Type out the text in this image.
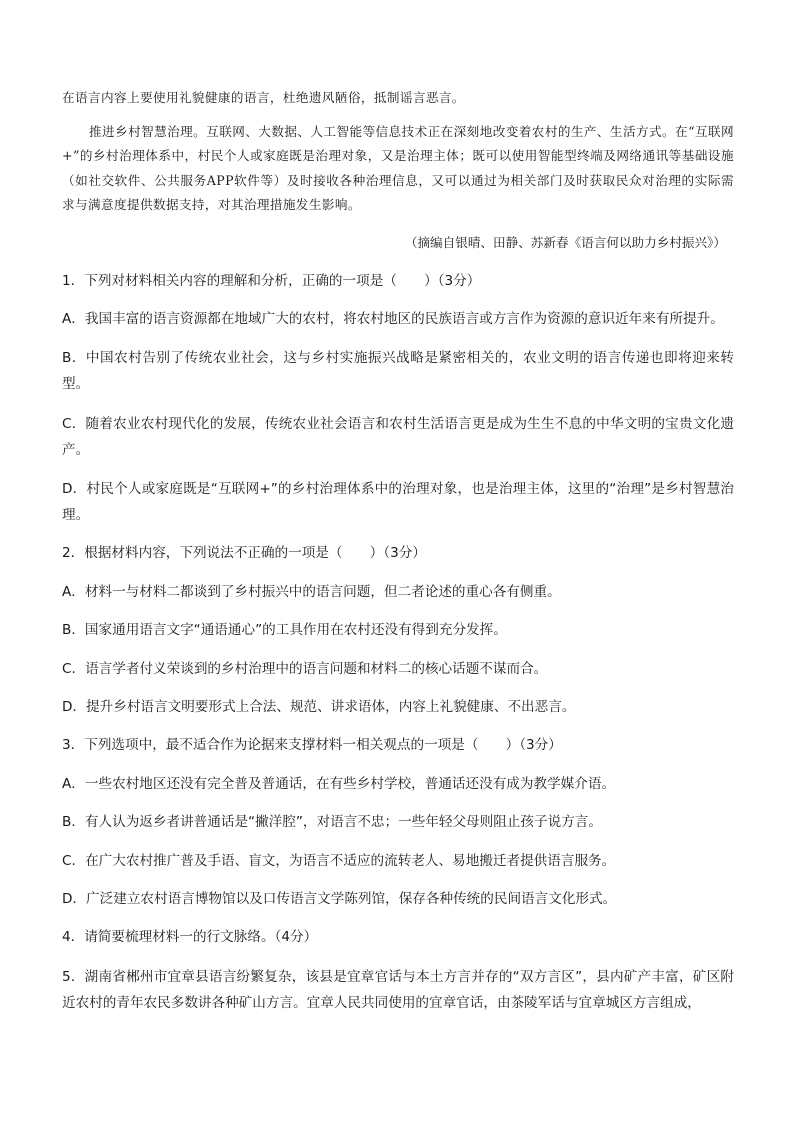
在语言内容上要使用礼貌健康的语言，杜绝遗风陋俗，抵制谣言恶言。

推进乡村智慧治理。互联网、大数据、人工智能等信息技术正在深刻地改变着农村的生产、生活方式。在“互联网+”的乡村治理体系中，村民个人或家庭既是治理对象，又是治理主体；既可以使用智能型终端及网络通讯等基础设施（如社交软件、公共服务APP软件等）及时接收各种治理信息，又可以通过为相关部门及时获取民众对治理的实际需求与满意度提供数据支持，对其治理措施发生影响。

（摘编自银晴、田静、苏新春《语言何以助力乡村振兴》）

1．下列对材料相关内容的理解和分析，正确的一项是（　　）（3分）

A．我国丰富的语言资源都在地域广大的农村，将农村地区的民族语言或方言作为资源的意识近年来有所提升。

B．中国农村告别了传统农业社会，这与乡村实施振兴战略是紧密相关的，农业文明的语言传递也即将迎来转型。

C．随着农业农村现代化的发展，传统农业社会语言和农村生活语言更是成为生生不息的中华文明的宝贵文化遗产。

D．村民个人或家庭既是“互联网+”的乡村治理体系中的治理对象，也是治理主体，这里的“治理”是乡村智慧治理。

2．根据材料内容，下列说法不正确的一项是（　　）（3分）

A．材料一与材料二都谈到了乡村振兴中的语言问题，但二者论述的重心各有侧重。

B．国家通用语言文字“通语通心”的工具作用在农村还没有得到充分发挥。

C．语言学者付义荣谈到的乡村治理中的语言问题和材料二的核心话题不谋而合。

D．提升乡村语言文明要形式上合法、规范、讲求语体，内容上礼貌健康、不出恶言。

3．下列选项中，最不适合作为论据来支撑材料一相关观点的一项是（　　）（3分）

A．一些农村地区还没有完全普及普通话，在有些乡村学校，普通话还没有成为教学媒介语。

B．有人认为返乡者讲普通话是“撇洋腔”，对语言不忠；一些年轻父母则阻止孩子说方言。

C．在广大农村推广普及手语、盲文，为语言不适应的流转老人、易地搬迁者提供语言服务。

D．广泛建立农村语言博物馆以及口传语言文学陈列馆，保存各种传统的民间语言文化形式。

4．请简要梳理材料一的行文脉络。（4分）

5．湖南省郴州市宜章县语言纷繁复杂，该县是宜章官话与本土方言并存的“双方言区”，县内矿产丰富，矿区附近农村的青年农民多数讲各种矿山方言。宜章人民共同使用的宜章官话，由茶陵军话与宜章城区方言组成，
